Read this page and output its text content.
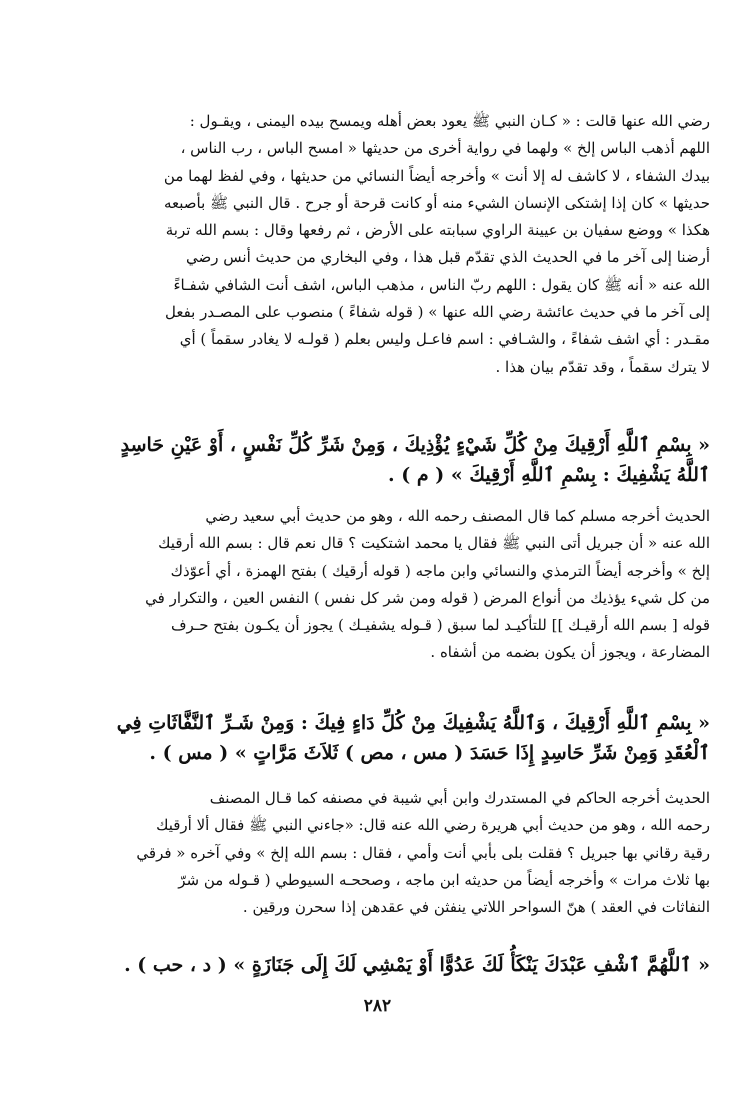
رضي الله عنها قالت : « كـان النبي ﷺ يعود بعض أهله ويمسح بيده اليمنى ، ويقـول :

اللهم أذهب الباس إلخ » ولهما في رواية أخرى من حديثها « امسح الباس ، رب الناس ،

بيدك الشفاء ، لا كاشف له إلا أنت » وأخرجه أيضاً النسائي من حديثها ، وفي لفظ لهما من

حديثها » كان إذا إشتكى الإنسان الشيء منه أو كانت قرحة أو جرح . قال النبي ﷺ بأصبعه

هكذا » ووضع سفيان بن عيينة الراوي سبابته على الأرض ، ثم رفعها وقال : بسم الله تربة

أرضنا إلى آخر ما في الحديث الذي تقدّم قبل هذا ، وفي البخاري من حديث أنس رضي

الله عنه « أنه ﷺ كان يقول : اللهم ربّ الناس ، مذهب الباس، اشف أنت الشافي شفـاءً

إلى آخر ما في حديث عائشة رضي الله عنها » ( قوله شفاءً ) منصوب على المصـدر بفعل

مقـدر : أي اشف شفاءً ، والشـافي : اسم فاعـل وليس بعلم ( قولـه لا يغادر سقماً ) أي

لا يترك سقماً ، وقد تقدّم بيان هذا .

« بِسْمِ ٱللَّهِ أَرْقِيكَ مِنْ كُلِّ شَيْءٍ يُؤْذِيكَ ، وَمِنْ شَرِّ كُلِّ نَفْسٍ ، أَوْ عَيْنِ حَاسِدٍ

ٱللَّهُ يَشْفِيكَ : بِسْمِ ٱللَّهِ أَرْقِيكَ » ( م ) .

الحديث أخرجه مسلم كما قال المصنف رحمه الله ، وهو من حديث أبي سعيد رضي

الله عنه « أن جبريل أتى النبي ﷺ فقال يا محمد اشتكيت ؟ قال نعم قال : بسم الله أرقيك

إلخ » وأخرجه أيضاً الترمذي والنسائي وابن ماجه ( قوله أرقيك ) بفتح الهمزة ، أي أعوّذك

من كل شيء يؤذيك من أنواع المرض ( قوله ومن شر كل نفس ) النفس العين ، والتكرار في

قوله [ بسم الله أرقيـك ]] للتأكيـد لما سبق ( قـوله يشفيـك ) يجوز أن يكـون بفتح حـرف

المضارعة ، ويجوز أن يكون بضمه من أشفاه .

« بِسْمِ ٱللَّهِ أَرْقِيكَ ، وَٱللَّهُ يَشْفِيكَ مِنْ كُلِّ دَاءٍ فِيكَ : وَمِنْ شَـرِّ ٱلنَّفَّاثَاتِ فِي

ٱلْعُقَدِ وَمِنْ شَرِّ حَاسِدٍ إِذَا حَسَدَ ( مس ، مص ) ثَلاَثَ مَرَّاتٍ » ( مس ) .

الحديث أخرجه الحاكم في المستدرك وابن أبي شيبة في مصنفه كما قـال المصنف

رحمه الله ، وهو من حديث أبي هريرة رضي الله عنه قال: «جاءني النبي ﷺ فقال ألا أرقيك

رقية رقاني بها جبريل ؟ فقلت بلى بأبي أنت وأمي ، فقال : بسم الله إلخ » وفي آخره « فرقي

بها ثلاث مرات » وأخرجه أيضاً من حديثه ابن ماجه ، وصححـه السيوطي ( قـوله من شرّ

النفاثات في العقد ) هنّ السواحر اللاتي ينفثن في عقدهن إذا سحرن ورقين .

« ٱللَّهُمَّ ٱشْفِ عَبْدَكَ يَنْكَأُ لَكَ عَدُوًّا أَوْ يَمْشِي لَكَ إِلَى جَنَازَةٍ » ( د ، حب ) .

٢٨٢
